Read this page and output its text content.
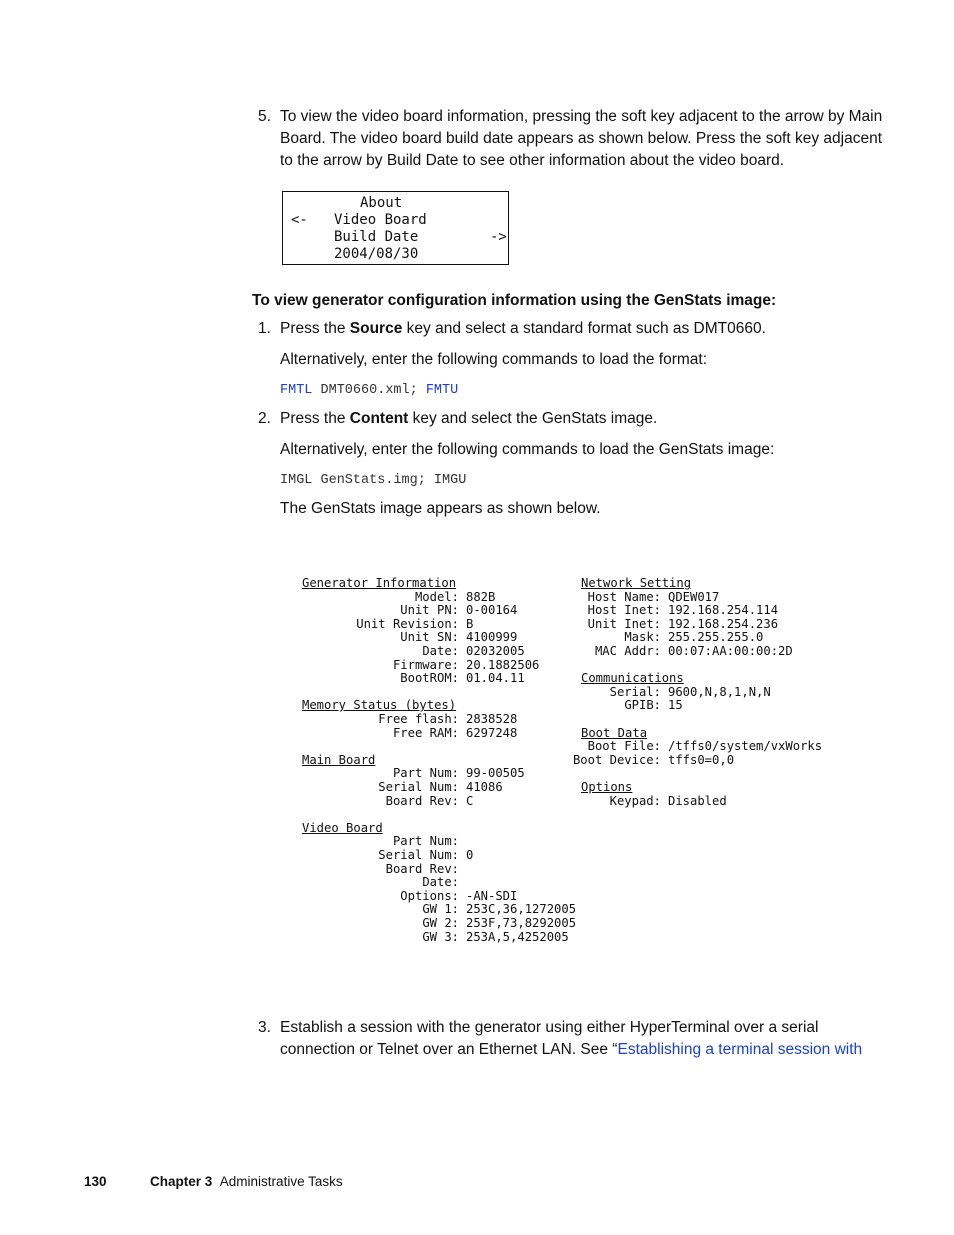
5. To view the video board information, pressing the soft key adjacent to the arrow by Main
Board. The video board build date appears as shown below. Press the soft key adjacent
to the arrow by Build Date to see other information about the video board.
About
<- Video Board
Build Date	->
2004/08/30
To view generator configuration information using the GenStats image:
1. Press the Source key and select a standard format such as DMT0660.
Alternatively, enter the following commands to load the format:
FMTL DMT0660.xml; FMTU
2. Press the Content key and select the GenStats image.
Alternatively, enter the following commands to load the GenStats image:
IMGL GenStats.img; IMGU
The GenStats image appears as shown below.
Generator Information
Model: 882B
Unit PN: 0-00164
Unit Revision: B
Unit SN: 4100999
Date: 02032005
Firmware: 20.1882506
BootROM: 01.04.11
Memory Status (bytes)
Free flash: 2838528
Free RAM: 6297248
Main Board
Part Num: 99-00505
Serial Num: 41086
Board Rev: C
Video Board
Part Num:
Serial Num: 0
Board Rev:
Date:
Options: -AN-SDI
GW 1: 253C,36,1272005
GW 2: 253F,73,8292005
GW 3: 253A,5,4252005
Network Setting
Host Name: QDEW017
Host Inet: 192.168.254.114
Unit Inet: 192.168.254.236
Mask: 255.255.255.0
MAC Addr: 00:07:AA:00:00:2D
Communications
Serial: 9600,N,8,1,N,N
GPIB: 15
Boot Data
Boot File: /tffs0/system/vxWorks
Boot Device: tffs0=0,0
Options
Keypad: Disabled
3. Establish a session with the generator using either HyperTerminal over a serial
connection or Telnet over an Ethernet LAN. See “Establishing a terminal session with
130	Chapter 3 Administrative Tasks
